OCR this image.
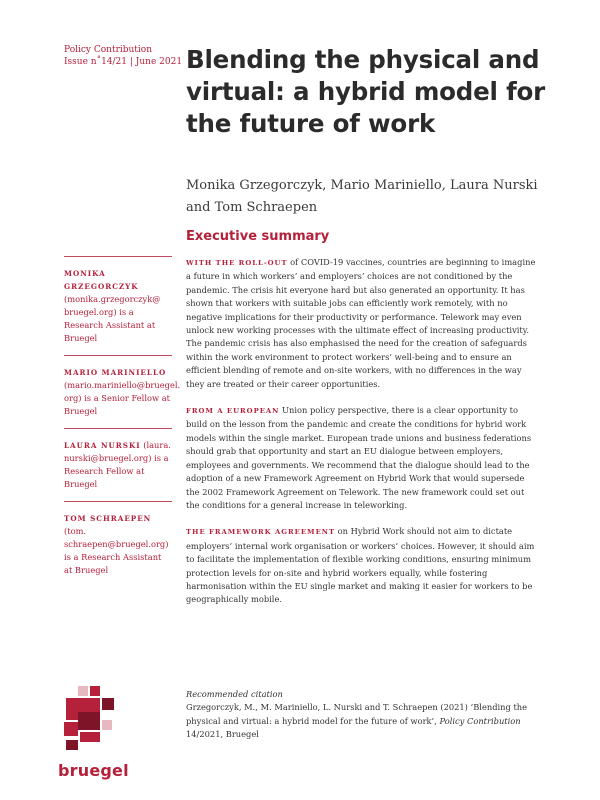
Policy Contribution
Issue n˚14/21 | June 2021 Blending the physical and virtual: a hybrid model for the future of work
Monika Grzegorczyk, Mario Mariniello, Laura Nurski and Tom Schraepen
Executive summary
MONIKA GRZEGORCZYK
(monika.grzegorczyk@ bruegel.org) is a Research Assistant at Bruegel
MARIO MARINIELLO
(mario.mariniello@bruegel. org) is a Senior Fellow at Bruegel
LAURA NURSKI (laura. nurski@bruegel.org) is a Research Fellow at Bruegel
TOM SCHRAEPEN (tom. schraepen@bruegel.org) is a Research Assistant at Bruegel

WITH THE ROLL-OUT of COVID-19 vaccines, countries are beginning to imagine a future in which workers’ and employers’ choices are not conditioned by the pandemic. The crisis hit everyone hard but also generated an opportunity. It has shown that workers with suitable jobs can efficiently work remotely, with no negative implications for their productivity or performance. Telework may even unlock new working processes with the ultimate effect of increasing productivity. The pandemic crisis has also emphasised the need for the creation of safeguards within the work environment to protect workers’ well-being and to ensure an efficient blending of remote and on-site workers, with no differences in the way they are treated or their career opportunities.

FROM A EUROPEAN Union policy perspective, there is a clear opportunity to build on the lesson from the pandemic and create the conditions for hybrid work models within the single market. European trade unions and business federations should grab that opportunity and start an EU dialogue between employers, employees and governments. We recommend that the dialogue should lead to the adoption of a new Framework Agreement on Hybrid Work that would supersede the 2002 Framework Agreement on Telework. The new framework could set out the conditions for a general increase in teleworking.

THE FRAMEWORK AGREEMENT on Hybrid Work should not aim to dictate employers’ internal work organisation or workers’ choices. However, it should aim to facilitate the implementation of flexible working conditions, ensuring minimum protection levels for on-site and hybrid workers equally, while fostering harmonisation within the EU single market and making it easier for workers to be geographically mobile.

Recommended citation
Grzegorczyk, M., M. Mariniello, L. Nurski and T. Schraepen (2021) ‘Blending the physical and virtual: a hybrid model for the future of work’, Policy Contribution 14/2021, Bruegel
bruegel
